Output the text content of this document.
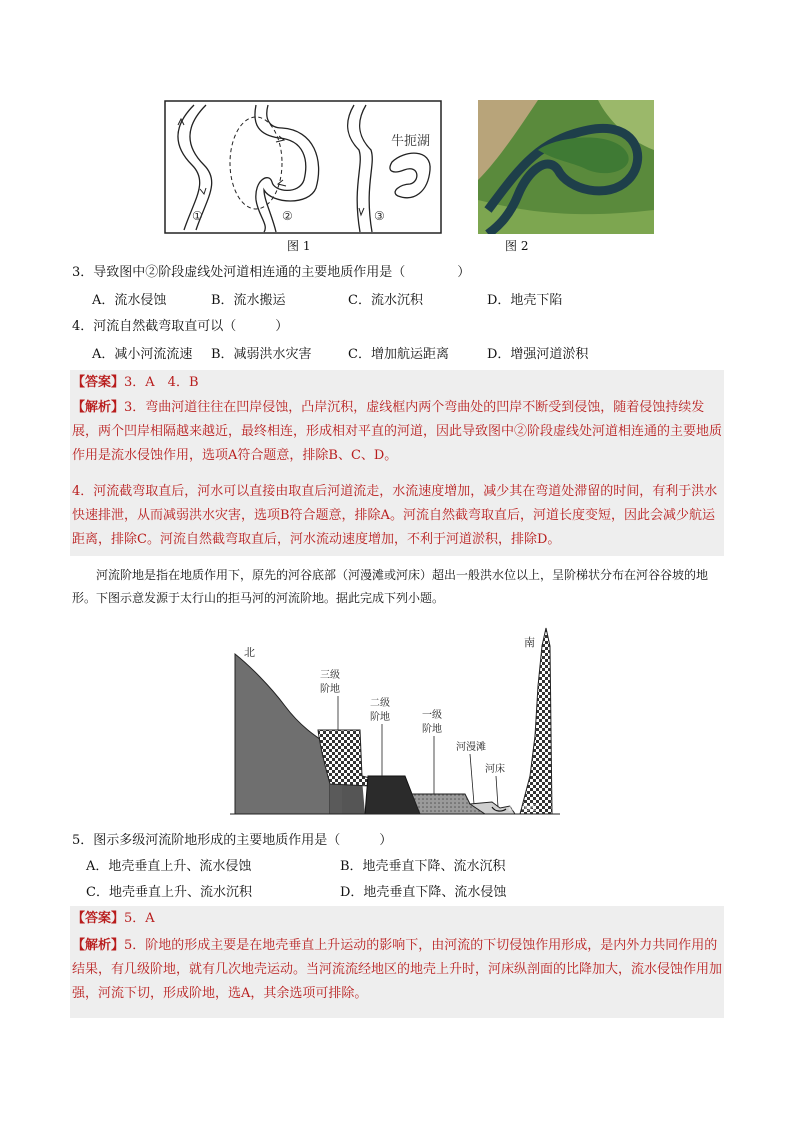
牛扼湖
①	②	③
图 1	图 2
3．导致图中②阶段虚线处河道相连通的主要地质作用是（　　　　）
A．流水侵蚀	B．流水搬运	C．流水沉积	D．地壳下陷
4．河流自然截弯取直可以（　　　）
A．减小河流流速 B．减弱洪水灾害	C．增加航运距离	D．增强河道淤积
【答案】3．A　4．B
【解析】3．弯曲河道往往在凹岸侵蚀，凸岸沉积，虚线框内两个弯曲处的凹岸不断受到侵蚀，随着侵蚀持续发展，两个凹岸相隔越来越近，最终相连，形成相对平直的河道，因此导致图中②阶段虚线处河道相连通的主要地质作用是流水侵蚀作用，选项A符合题意，排除B、C、D。
4．河流截弯取直后，河水可以直接由取直后河道流走，水流速度增加，减少其在弯道处滞留的时间，有利于洪水快速排泄，从而减弱洪水灾害，选项B符合题意，排除A。河流自然截弯取直后，河道长度变短，因此会减少航运距离，排除C。河流自然截弯取直后，河水流动速度增加，不利于河道淤积，排除D。
河流阶地是指在地质作用下，原先的河谷底部（河漫滩或河床）超出一般洪水位以上，呈阶梯状分布在河谷谷坡的地形。下图示意发源于太行山的拒马河的河流阶地。据此完成下列小题。
北
南
三级
阶地
二级
阶地	一级
阶地
河漫滩
河床
高考地理
5．图示多级河流阶地形成的主要地质作用是（　　　）
A．地壳垂直上升、流水侵蚀	B．地壳垂直下降、流水沉积
C．地壳垂直上升、流水沉积	D．地壳垂直下降、流水侵蚀
【答案】5．A
【解析】5．阶地的形成主要是在地壳垂直上升运动的影响下，由河流的下切侵蚀作用形成，是内外力共同作用的结果，有几级阶地，就有几次地壳运动。当河流流经地区的地壳上升时，河床纵剖面的比降加大，流水侵蚀作用加强，河流下切，形成阶地，选A，其余选项可排除。
